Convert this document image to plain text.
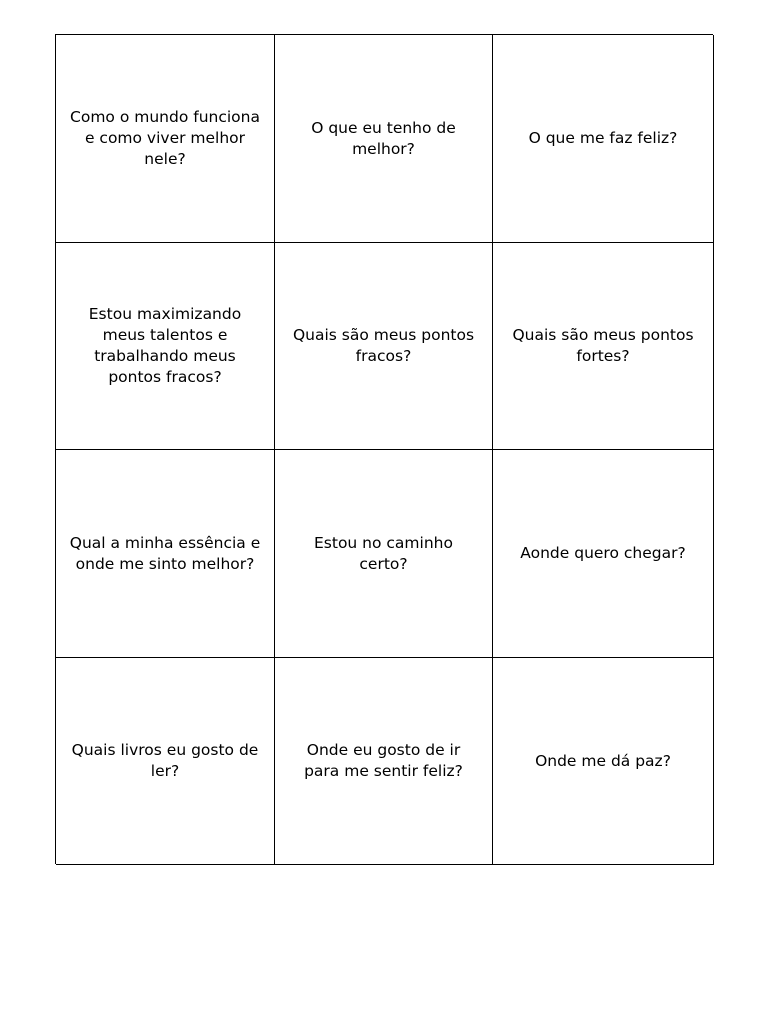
Como o mundo funciona e como viver melhor nele?
O que eu tenho de melhor?
O que me faz feliz?
Estou maximizando meus talentos e trabalhando meus pontos fracos?
Quais são meus pontos fracos?
Quais são meus pontos fortes?
Qual a minha essência e onde me sinto melhor?
Estou no caminho certo?
Aonde quero chegar?
Quais livros eu gosto de ler?
Onde eu gosto de ir para me sentir feliz?
Onde me dá paz?
